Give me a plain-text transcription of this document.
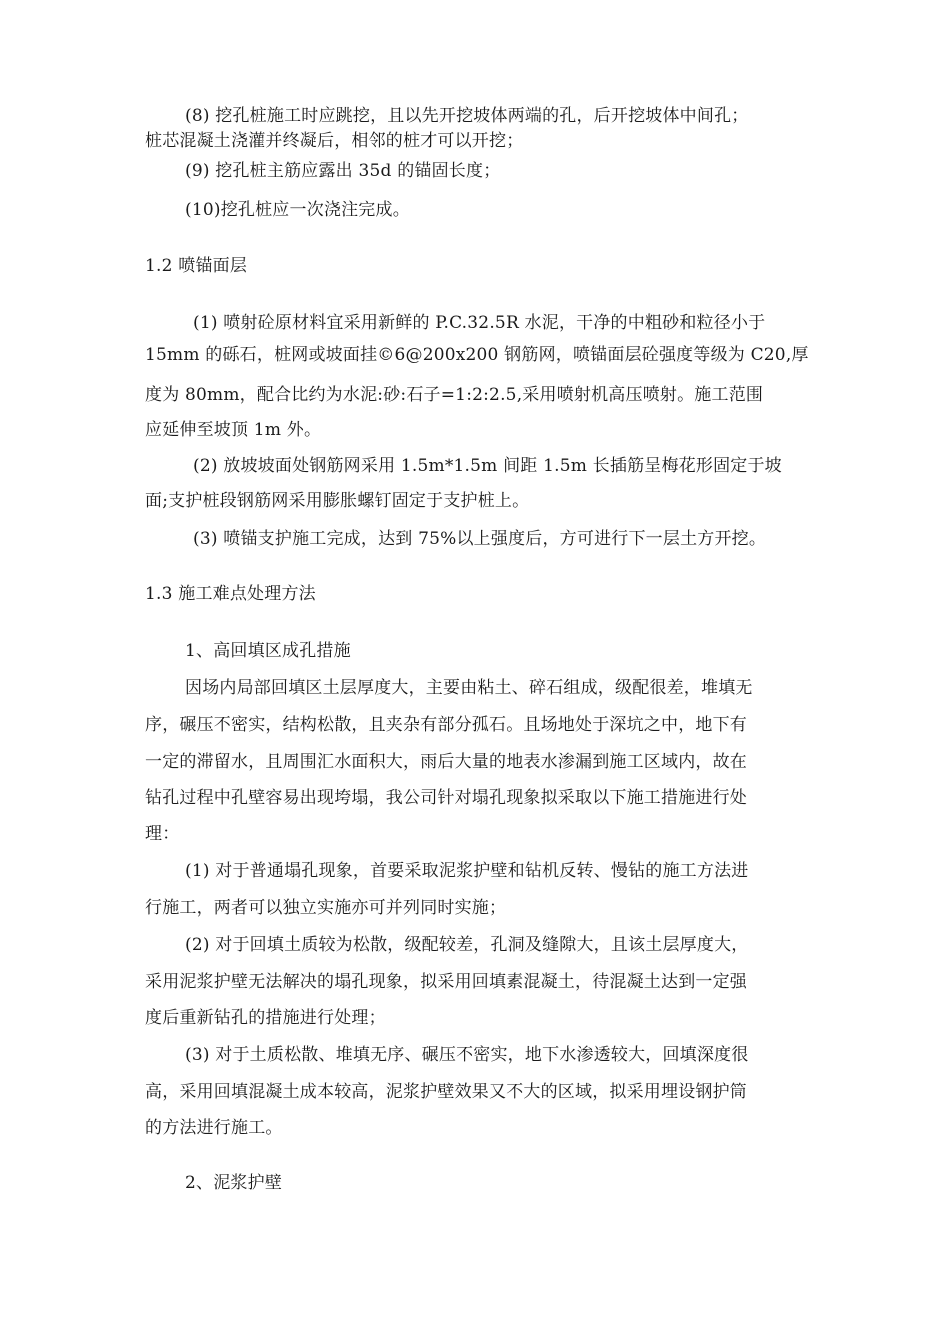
(8) 挖孔桩施工时应跳挖，且以先开挖坡体两端的孔，后开挖坡体中间孔；
桩芯混凝土浇灌并终凝后，相邻的桩才可以开挖；
(9) 挖孔桩主筋应露出 35d 的锚固长度；
(10)挖孔桩应一次浇注完成。
1.2 喷锚面层
(1) 喷射砼原材料宜采用新鲜的 P.C.32.5R 水泥，干净的中粗砂和粒径小于
15mm 的砾石，桩网或坡面挂©6@200x200 钢筋网，喷锚面层砼强度等级为 C20,厚
度为 80mm，配合比约为水泥:砂:石子=1:2:2.5,采用喷射机高压喷射。施工范围
应延伸至坡顶 1m 外。
(2) 放坡坡面处钢筋网采用 1.5m*1.5m 间距 1.5m 长插筋呈梅花形固定于坡
面;支护桩段钢筋网采用膨胀螺钉固定于支护桩上。
(3) 喷锚支护施工完成，达到 75%以上强度后，方可进行下一层土方开挖。
1.3 施工难点处理方法
1、高回填区成孔措施
因场内局部回填区土层厚度大，主要由粘土、碎石组成，级配很差，堆填无
序，碾压不密实，结构松散，且夹杂有部分孤石。且场地处于深坑之中，地下有
一定的滞留水，且周围汇水面积大，雨后大量的地表水渗漏到施工区域内，故在
钻孔过程中孔壁容易出现垮塌，我公司针对塌孔现象拟采取以下施工措施进行处
理：
(1) 对于普通塌孔现象，首要采取泥浆护壁和钻机反转、慢钻的施工方法进
行施工，两者可以独立实施亦可并列同时实施；
(2) 对于回填土质较为松散，级配较差，孔洞及缝隙大，且该土层厚度大，
采用泥浆护壁无法解决的塌孔现象，拟采用回填素混凝土，待混凝土达到一定强
度后重新钻孔的措施进行处理；
(3) 对于土质松散、堆填无序、碾压不密实，地下水渗透较大，回填深度很
高，采用回填混凝土成本较高，泥浆护壁效果又不大的区域，拟采用埋设钢护筒
的方法进行施工。
2、泥浆护壁
